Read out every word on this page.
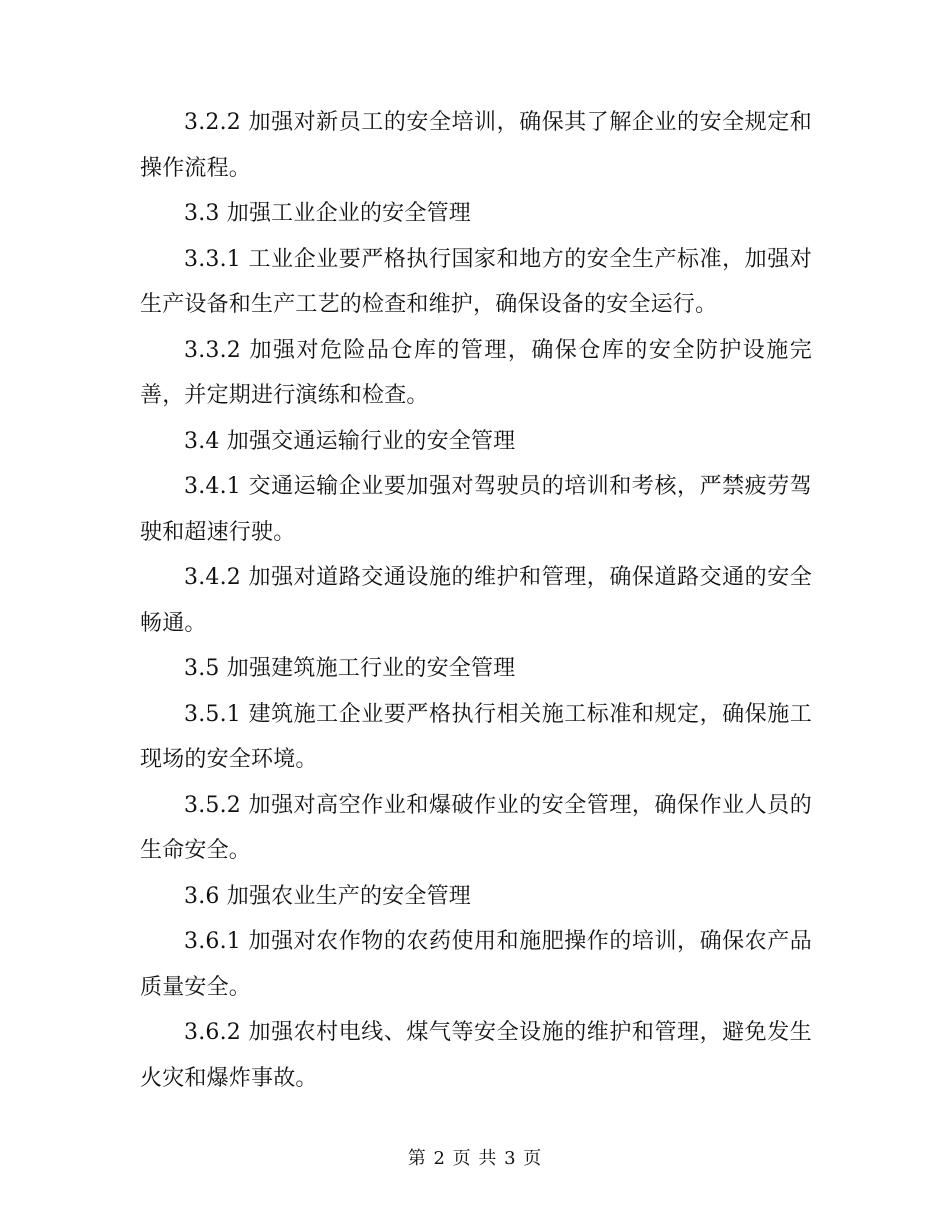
3.2.2 加强对新员工的安全培训，确保其了解企业的安全规定和操作流程。

3.3 加强工业企业的安全管理

3.3.1 工业企业要严格执行国家和地方的安全生产标准，加强对生产设备和生产工艺的检查和维护，确保设备的安全运行。

3.3.2 加强对危险品仓库的管理，确保仓库的安全防护设施完善，并定期进行演练和检查。

3.4 加强交通运输行业的安全管理

3.4.1 交通运输企业要加强对驾驶员的培训和考核，严禁疲劳驾驶和超速行驶。

3.4.2 加强对道路交通设施的维护和管理，确保道路交通的安全畅通。

3.5 加强建筑施工行业的安全管理

3.5.1 建筑施工企业要严格执行相关施工标准和规定，确保施工现场的安全环境。

3.5.2 加强对高空作业和爆破作业的安全管理，确保作业人员的生命安全。

3.6 加强农业生产的安全管理

3.6.1 加强对农作物的农药使用和施肥操作的培训，确保农产品质量安全。

3.6.2 加强农村电线、煤气等安全设施的维护和管理，避免发生火灾和爆炸事故。

第 2 页 共 3 页
